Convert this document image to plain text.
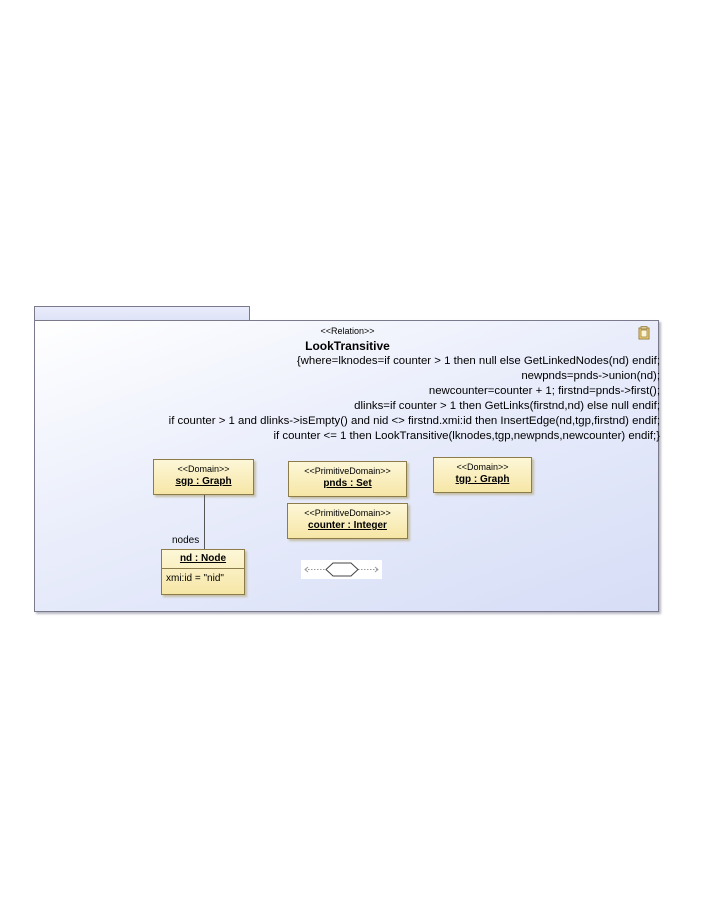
<<Relation>>
LookTransitive
{where=lknodes=if counter > 1 then null else GetLinkedNodes(nd) endif;
newpnds=pnds->union(nd);
newcounter=counter + 1; firstnd=pnds->first();
dlinks=if counter > 1 then GetLinks(firstnd,nd) else null endif;
if counter > 1 and dlinks->isEmpty() and nid <> firstnd.xmi:id then InsertEdge(nd,tgp,firstnd) endif;
if counter <= 1 then LookTransitive(lknodes,tgp,newpnds,newcounter) endif;}
<<Domain>>
sgp : Graph
<<PrimitiveDomain>>
pnds : Set
<<Domain>>
tgp : Graph
<<PrimitiveDomain>>
counter : Integer
nodes
nd : Node
xmi:id = "nid"
